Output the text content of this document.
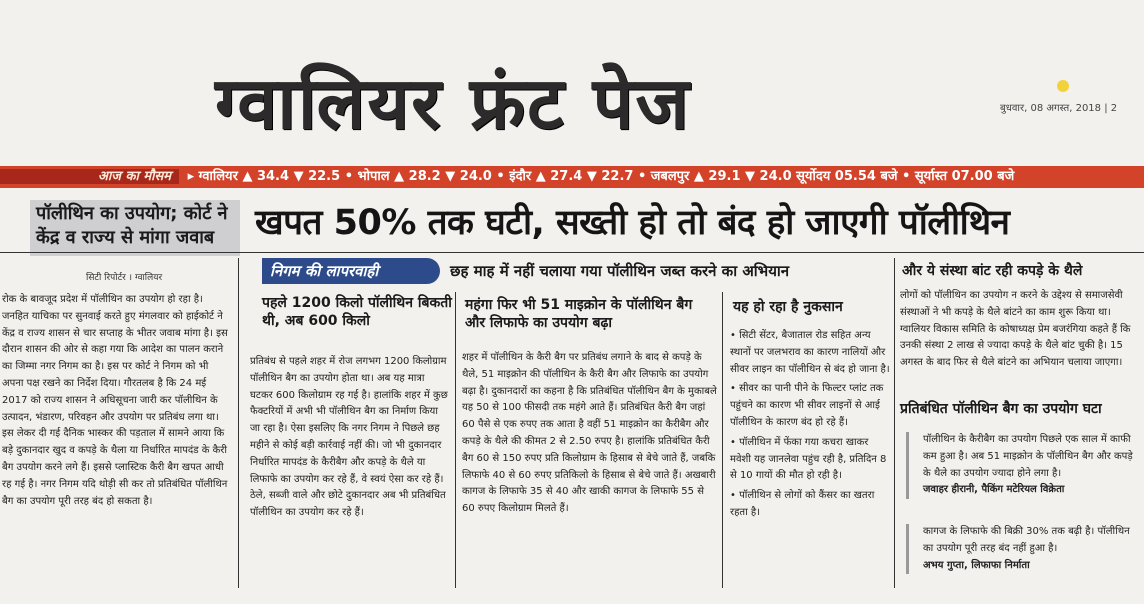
ग्वालियर फ्रंट पेज	बुधवार, 08 अगस्त, 2018 | 2
आज का मौसम ▸ ग्वालियर ▲ 34.4 ▼ 22.5 • भोपाल ▲ 28.2 ▼ 24.0 • इंदौर ▲ 27.4 ▼ 22.7 • जबलपुर ▲ 29.1 ▼ 24.0 सूर्योदय 05.54 बजे • सूर्यास्त 07.00 बजे
पॉलीथिन का उपयोग; कोर्ट ने केंद्र व राज्य से मांगा जवाब	खपत 50% तक घटी, सख्ती हो तो बंद हो जाएगी पॉलीथिन
सिटी रिपोर्टर । ग्वालियर
रोक के बावजूद प्रदेश में पॉलीथिन का उपयोग हो रहा है। जनहित याचिका पर सुनवाई करते हुए मंगलवार को हाईकोर्ट ने केंद्र व राज्य शासन से चार सप्ताह के भीतर जवाब मांगा है। इस दौरान शासन की ओर से कहा गया कि आदेश का पालन कराने का जिम्मा नगर निगम का है। इस पर कोर्ट ने निगम को भी अपना पक्ष रखने का निर्देश दिया। गौरतलब है कि 24 मई 2017 को राज्य शासन ने अधिसूचना जारी कर पॉलीथिन के उत्पादन, भंडारण, परिवहन और उपयोग पर प्रतिबंध लगा था। इस लेकर दी गई दैनिक भास्कर की पड़ताल में सामने आया कि बड़े दुकानदार खुद व कपड़े के थैला या निर्धारित मापदंड के कैरी बैग उपयोग करने लगे हैं। इससे प्लास्टिक कैरी बैग खपत आधी रह गई है। नगर निगम यदि थोड़ी सी कर तो प्रतिबंधित पॉलीथिन बैग का उपयोग पूरी तरह बंद हो सकता है।
निगम की लापरवाही	छह माह में नहीं चलाया गया पॉलीथिन जब्त करने का अभियान
पहले 1200 किलो पॉलीथिन बिकती थी, अब 600 किलो
प्रतिबंध से पहले शहर में रोज लगभग 1200 किलोग्राम पॉलीथिन बैग का उपयोग होता था। अब यह मात्रा घटकर 600 किलोग्राम रह गई है। हालांकि शहर में कुछ फैक्टरियों में अभी भी पॉलीथिन बैग का निर्माण किया जा रहा है। ऐसा इसलिए कि नगर निगम ने पिछले छह महीने से कोई बड़ी कार्रवाई नहीं की। जो भी दुकानदार निर्धारित मापदंड के कैरीबैग और कपड़े के थैले या लिफाफे का उपयोग कर रहे हैं, वे स्वयं ऐसा कर रहे हैं। ठेले, सब्जी वाले और छोटे दुकानदार अब भी प्रतिबंधित पॉलीथिन का उपयोग कर रहे हैं।
महंगा फिर भी 51 माइक्रोन के पॉलीथिन बैग और लिफाफे का उपयोग बढ़ा
शहर में पॉलीथिन के कैरी बैग पर प्रतिबंध लगाने के बाद से कपड़े के थैले, 51 माइक्रोन की पॉलीथिन के कैरी बैग और लिफाफे का उपयोग बढ़ा है। दुकानदारों का कहना है कि प्रतिबंधित पॉलीथिन बैग के मुकाबले यह 50 से 100 फीसदी तक महंगे आते हैं। प्रतिबंधित कैरी बैग जहां 60 पैसे से एक रुपए तक आता है वहीं 51 माइक्रोन का कैरीबैग और कपड़े के थैले की कीमत 2 से 2.50 रुपए है। हालांकि प्रतिबंधित कैरी बैग 60 से 150 रुपए प्रति किलोग्राम के हिसाब से बेचे जाते हैं, जबकि लिफाफे 40 से 60 रुपए प्रतिकिलो के हिसाब से बेचे जाते हैं। अखबारी कागज के लिफाफे 35 से 40 और खाकी कागज के लिफाफे 55 से 60 रुपए किलोग्राम मिलते हैं।
यह हो रहा है नुकसान
• सिटी सेंटर, बैजाताल रोड सहित अन्य स्थानों पर जलभराव का कारण नालियों और सीवर लाइन का पॉलीथिन से बंद हो जाना है।
• सीवर का पानी पीने के फिल्टर प्लांट तक पहुंचने का कारण भी सीवर लाइनों से आई पॉलीथिन के कारण बंद हो रहे हैं।
• पॉलीथिन में फेंका गया कचरा खाकर मवेशी यह जानलेवा पहुंच रही है, प्रतिदिन 8 से 10 गायों की मौत हो रही है।
• पॉलीथिन से लोगों को कैंसर का खतरा रहता है।
और ये संस्था बांट रही कपड़े के थैले
लोगों को पॉलीथिन का उपयोग न करने के उद्देश्य से समाजसेवी संस्थाओं ने भी कपड़े के थैले बांटने का काम शुरू किया था। ग्वालियर विकास समिति के कोषाध्यक्ष प्रेम बजरंगिया कहते हैं कि उनकी संस्था 2 लाख से ज्यादा कपड़े के थैले बांट चुकी है। 15 अगस्त के बाद फिर से थैले बांटने का अभियान चलाया जाएगा।
प्रतिबंधित पॉलीथिन बैग का उपयोग घटा
पॉलीथिन के कैरीबैग का उपयोग पिछले एक साल में काफी कम हुआ है। अब 51 माइक्रोन के पॉलीथिन बैग और कपड़े के थैले का उपयोग ज्यादा होने लगा है।
जवाहर हीरानी, पैकिंग मटेरियल विक्रेता
कागज के लिफाफे की बिक्री 30% तक बढ़ी है। पॉलीथिन का उपयोग पूरी तरह बंद नहीं हुआ है।
अभय गुप्ता, लिफाफा निर्माता
